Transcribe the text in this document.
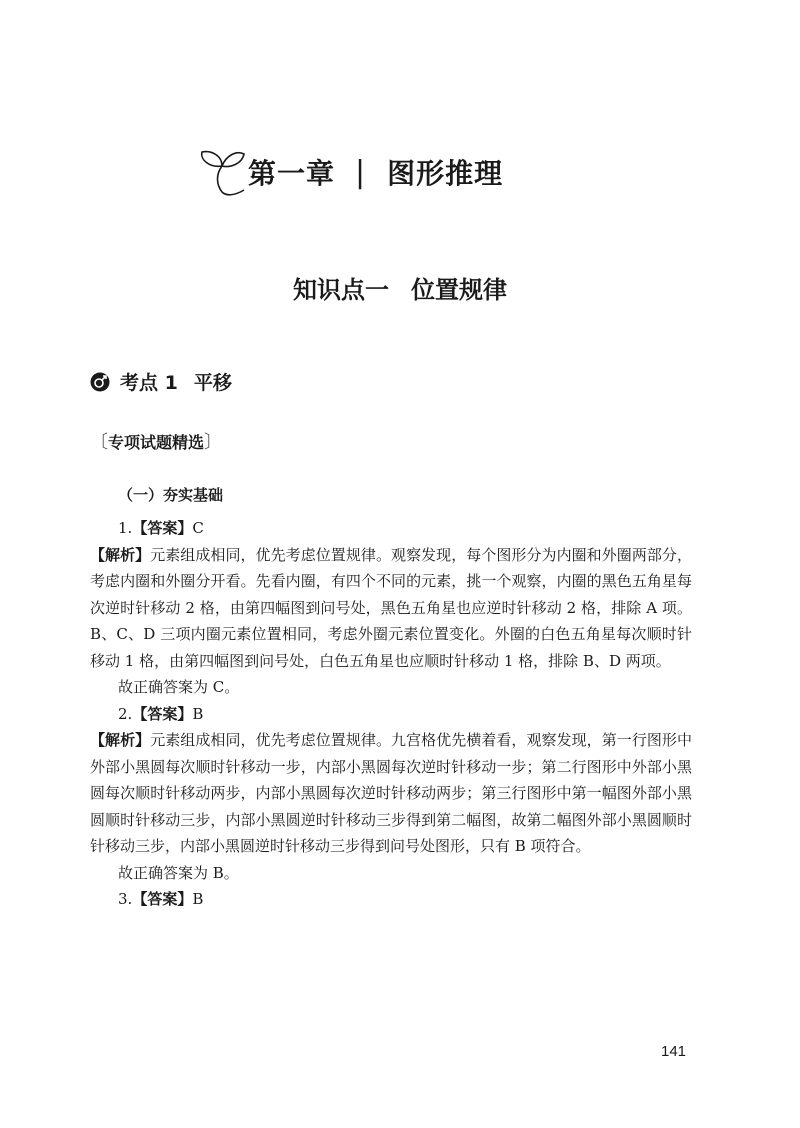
第一章 | 图形推理
知识点一 位置规律
考点 1 平移
〔专项试题精选〕
（一）夯实基础

1.【答案】C

【解析】元素组成相同，优先考虑位置规律。观察发现，每个图形分为内圈和外圈两部分，考虑内圈和外圈分开看。先看内圈，有四个不同的元素，挑一个观察，内圈的黑色五角星每次逆时针移动 2 格，由第四幅图到问号处，黑色五角星也应逆时针移动 2 格，排除 A 项。B、C、D 三项内圈元素位置相同，考虑外圈元素位置变化。外圈的白色五角星每次顺时针移动 1 格，由第四幅图到问号处，白色五角星也应顺时针移动 1 格，排除 B、D 两项。

故正确答案为 C。

2.【答案】B

【解析】元素组成相同，优先考虑位置规律。九宫格优先横着看，观察发现，第一行图形中外部小黑圆每次顺时针移动一步，内部小黑圆每次逆时针移动一步；第二行图形中外部小黑圆每次顺时针移动两步，内部小黑圆每次逆时针移动两步；第三行图形中第一幅图外部小黑圆顺时针移动三步，内部小黑圆逆时针移动三步得到第二幅图，故第二幅图外部小黑圆顺时针移动三步，内部小黑圆逆时针移动三步得到问号处图形，只有 B 项符合。

故正确答案为 B。

3.【答案】B

141
